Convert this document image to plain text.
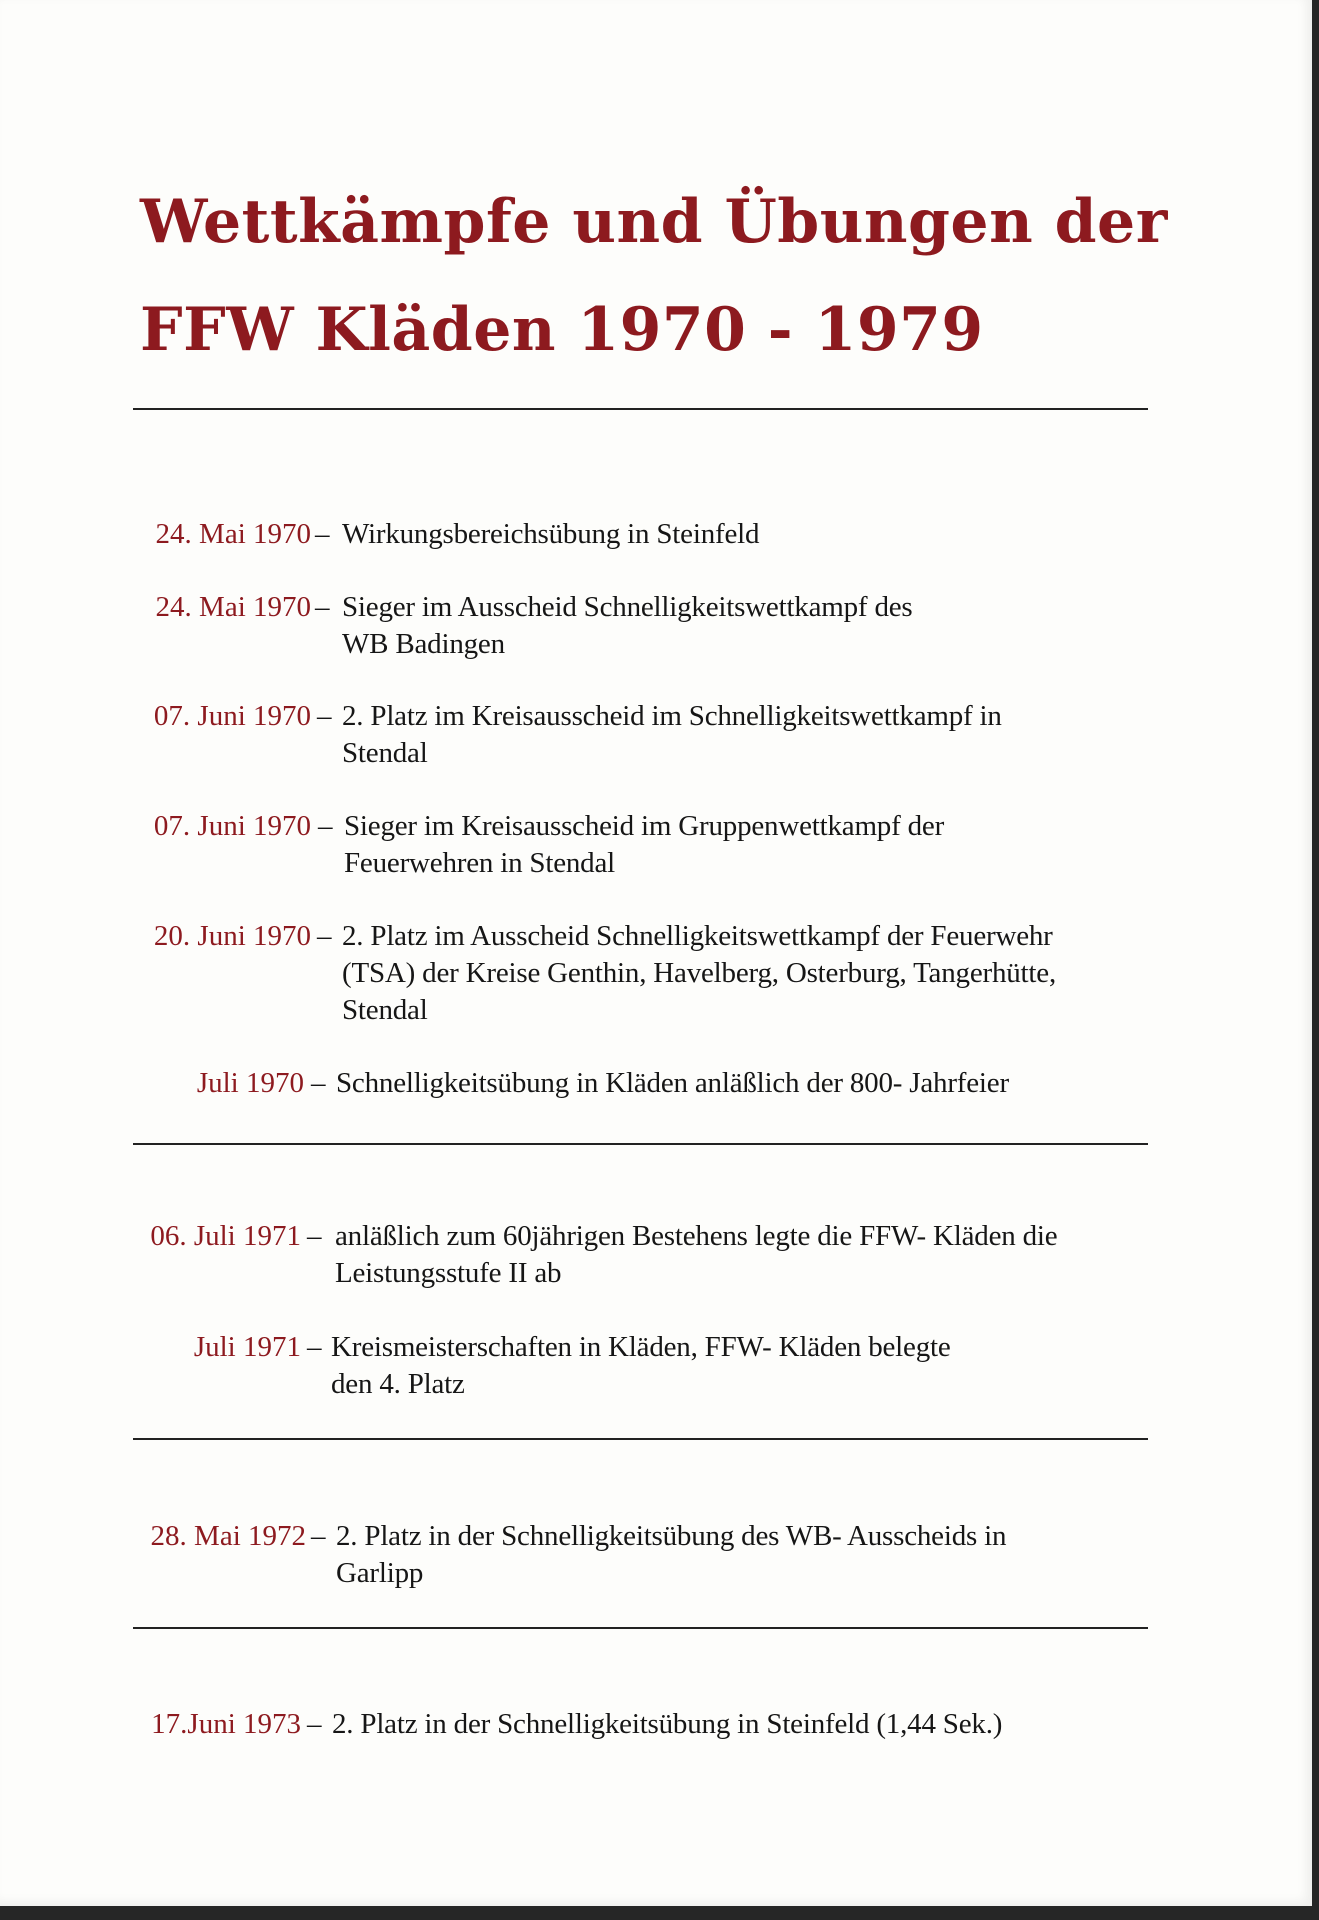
Wettkämpfe und Übungen der
FFW Kläden 1970 - 1979
24. Mai 1970 – Wirkungsbereichsübung in Steinfeld
24. Mai 1970 – Sieger im Ausscheid Schnelligkeitswettkampf des
WB Badingen
07. Juni 1970 – 2. Platz im Kreisausscheid im Schnelligkeitswettkampf in
Stendal
07. Juni 1970 – Sieger im Kreisausscheid im Gruppenwettkampf der
Feuerwehren in Stendal
20. Juni 1970 – 2. Platz im Ausscheid Schnelligkeitswettkampf der Feuerwehr
(TSA) der Kreise Genthin, Havelberg, Osterburg, Tangerhütte,
Stendal
Juli 1970 – Schnelligkeitsübung in Kläden anläßlich der 800- Jahrfeier
06. Juli 1971 – anläßlich zum 60jährigen Bestehens legte die FFW- Kläden die
Leistungsstufe II ab
Juli 1971 – Kreismeisterschaften in Kläden, FFW- Kläden belegte
den 4. Platz
28. Mai 1972 – 2. Platz in der Schnelligkeitsübung des WB- Ausscheids in
Garlipp
17.Juni 1973 – 2. Platz in der Schnelligkeitsübung in Steinfeld (1,44 Sek.)
